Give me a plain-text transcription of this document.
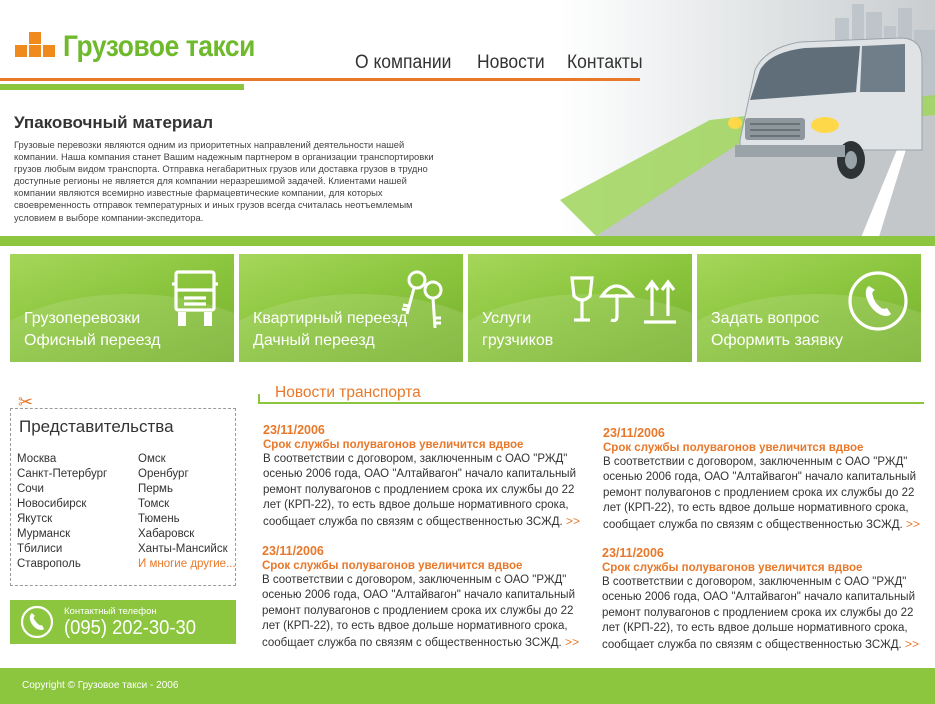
Грузовое такси	О компании Новости Контакты
Упаковочный материал

Грузовые перевозки являются одним из приоритетных направлений деятельности нашей компании. Наша компания станет Вашим надежным партнером в организации транспортировки грузов любым видом транспорта. Отправка негабаритных грузов или доставка грузов в трудно доступные регионы не является для компании неразрешимой задачей. Клиентами нашей компании являются всемирно известные фармацевтические компании, для которых своевременность отправок температурных и иных грузов всегда считалась неотъемлемым условием в выборе компании-экспедитора.

Грузоперевозки
Офисный переезд
Квартирный переезд
Дачный переезд
Услуги
грузчиков
Задать вопрос
Оформить заявку
✂
Представительства
Москва
Санкт-Петербург
Сочи
Новосибирск
Якутск
Мурманск
Тбилиси
Ставрополь
Омск
Оренбург
Пермь
Томск
Тюмень
Хабаровск
Ханты-Мансийск
И многие другие...
Контактный телефон
(095) 202-30-30
Новости транспорта
23/11/2006
Срок службы полувагонов увеличится вдвое
В соответствии с договором, заключенным с ОАО "РЖД" осенью 2006 года, ОАО "Алтайвагон" начало капитальный ремонт полувагонов с продлением срока их службы до 22 лет (КРП-22), то есть вдвое дольше нормативного срока, сообщает служба по связям с общественностью ЗСЖД. >>
23/11/2006
Срок службы полувагонов увеличится вдвое
В соответствии с договором, заключенным с ОАО "РЖД" осенью 2006 года, ОАО "Алтайвагон" начало капитальный ремонт полувагонов с продлением срока их службы до 22 лет (КРП-22), то есть вдвое дольше нормативного срока, сообщает служба по связям с общественностью ЗСЖД. >>
23/11/2006
Срок службы полувагонов увеличится вдвое
В соответствии с договором, заключенным с ОАО "РЖД" осенью 2006 года, ОАО "Алтайвагон" начало капитальный ремонт полувагонов с продлением срока их службы до 22 лет (КРП-22), то есть вдвое дольше нормативного срока, сообщает служба по связям с общественностью ЗСЖД. >>
23/11/2006
Срок службы полувагонов увеличится вдвое
В соответствии с договором, заключенным с ОАО "РЖД" осенью 2006 года, ОАО "Алтайвагон" начало капитальный ремонт полувагонов с продлением срока их службы до 22 лет (КРП-22), то есть вдвое дольше нормативного срока, сообщает служба по связям с общественностью ЗСЖД. >>
Copyright © Грузовое такси - 2006
